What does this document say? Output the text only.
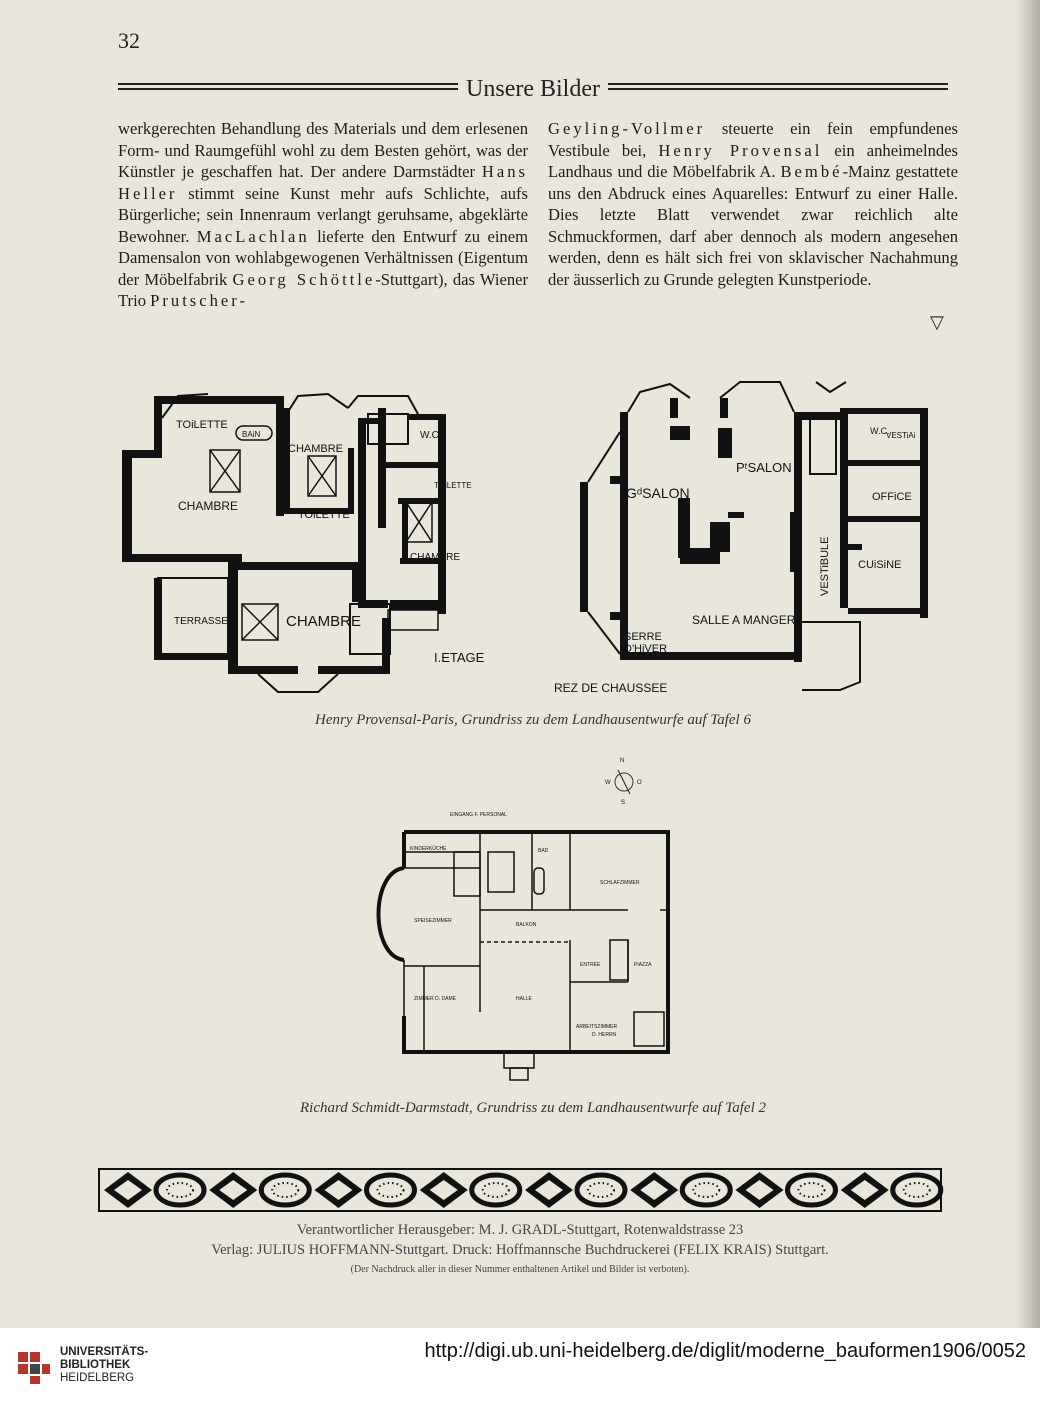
32
Unsere Bilder

werkgerechten Behandlung des Materials und dem erlesenen Form- und Raumgefühl wohl zu dem Besten gehört, was der Künstler je geschaffen hat. Der andere Darmstädter Hans Heller stimmt seine Kunst mehr aufs Schlichte, aufs Bürgerliche; sein Innenraum verlangt geruhsame, abgeklärte Bewohner. MacLachlan lieferte den Entwurf zu einem Damensalon von wohlabgewogenen Verhältnissen (Eigentum der Möbelfabrik Georg Schöttle-Stuttgart), das Wiener Trio Prutscher-

Geyling-Vollmer steuerte ein fein empfundenes Vestibule bei, Henry Provensal ein anheimelndes Landhaus und die Möbelfabrik A. Bembé-Mainz gestattete uns den Abdruck eines Aquarelles: Entwurf zu einer Halle. Dies letzte Blatt verwendet zwar reichlich alte Schmuckformen, darf aber dennoch als modern angesehen werden, denn es hält sich frei von sklavischer Nachahmung der äusserlich zu Grunde gelegten Kunstperiode.

▽
TOiLETTE
BAiN
CHAMBRE
CHAMBRE
TOiLETTE
W.C.
TOiLETTE
CHAMBRE
CHAMBRE
TERRASSE
I.ETAGE
W.C.
VESTiAi
PᵗSALON
GᵈSALON	OFFiCE
CUiSiNE
VESTiBULE
SALLE A MANGER
SERRE
D'HiVER
REZ DE CHAUSSEE
Henry Provensal-Paris, Grundriss zu dem Landhausentwurfe auf Tafel 6
N
O
S
W
EINGANG F. PERSONAL
KINDERKÜCHE	BAD
SCHLAFZIMMER
SPEISEZIMMER
BALKON
ENTRÉE	PIAZZA
ZIMMER D. DAME	HALLE
ARBEITSZIMMER
D. HERRN
Richard Schmidt-Darmstadt, Grundriss zu dem Landhausentwurfe auf Tafel 2
Verantwortlicher Herausgeber: M. J. GRADL-Stuttgart, Rotenwaldstrasse 23
Verlag: JULIUS HOFFMANN-Stuttgart. Druck: Hoffmannsche Buchdruckerei (FELIX KRAIS) Stuttgart.
(Der Nachdruck aller in dieser Nummer enthaltenen Artikel und Bilder ist verboten).
UNIVERSITÄTS-
BIBLIOTHEK
HEIDELBERG
http://digi.ub.uni-heidelberg.de/diglit/moderne_bauformen1906/0052
